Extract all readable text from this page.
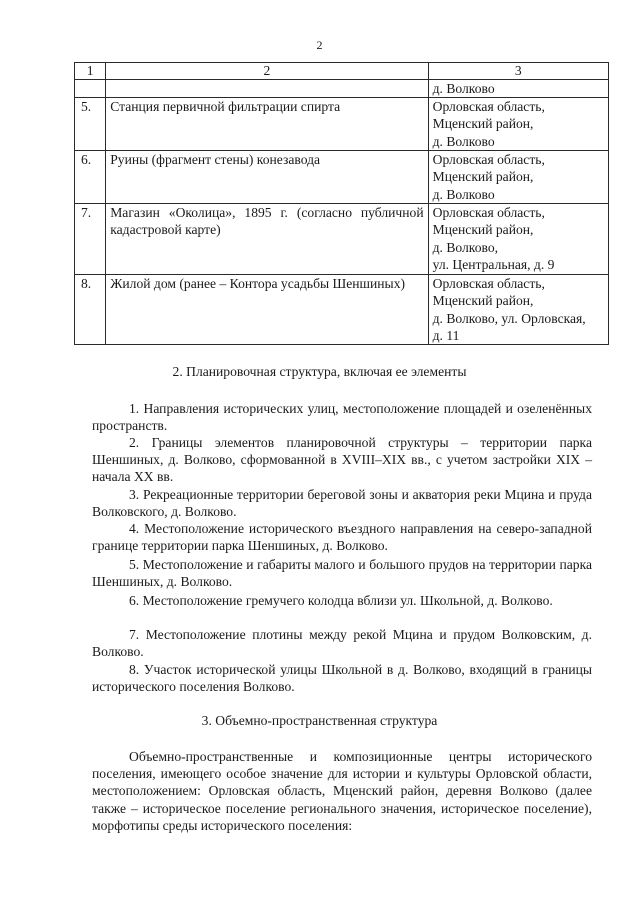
2
1	2	3
		д. Волково
5.	Станция первичной фильтрации спирта	Орловская область,
Мценский район,
д. Волково

6.	Руины (фрагмент стены) конезавода	Орловская область,
Мценский район,
д. Волково

7.	Магазин «Околица», 1895 г. (согласно публичной кадастровой карте)	Орловская область,
Мценский район,
д. Волково,
ул. Центральная, д. 9

8.	Жилой дом (ранее – Контора усадьбы Шеншиных)	Орловская область,
Мценский район,
д. Волково, ул. Орловская,
д. 11
2. Планировочная структура, включая ее элементы
1. Направления исторических улиц, местоположение площадей и озеленённых пространств.
2. Границы элементов планировочной структуры – территории парка Шеншиных, д. Волково, сформованной в XVIII–XIX вв., с учетом застройки XIX – начала XX вв.
3. Рекреационные территории береговой зоны и акватория реки Мцина и пруда Волковского, д. Волково.
4. Местоположение исторического въездного направления на северо-западной границе территории парка Шеншиных, д. Волково.
5. Местоположение и габариты малого и большого прудов на территории парка Шеншиных, д. Волково.
6. Местоположение гремучего колодца вблизи ул. Школьной, д. Волково.
7. Местоположение плотины между рекой Мцина и прудом Волковским, д. Волково.
8. Участок исторической улицы Школьной в д. Волково, входящий в границы исторического поселения Волково.
3. Объемно-пространственная структура
Объемно-пространственные и композиционные центры исторического поселения, имеющего особое значение для истории и культуры Орловской области, местоположением: Орловская область, Мценский район, деревня Волково (далее также – историческое поселение регионального значения, историческое поселение), морфотипы среды исторического поселения:
